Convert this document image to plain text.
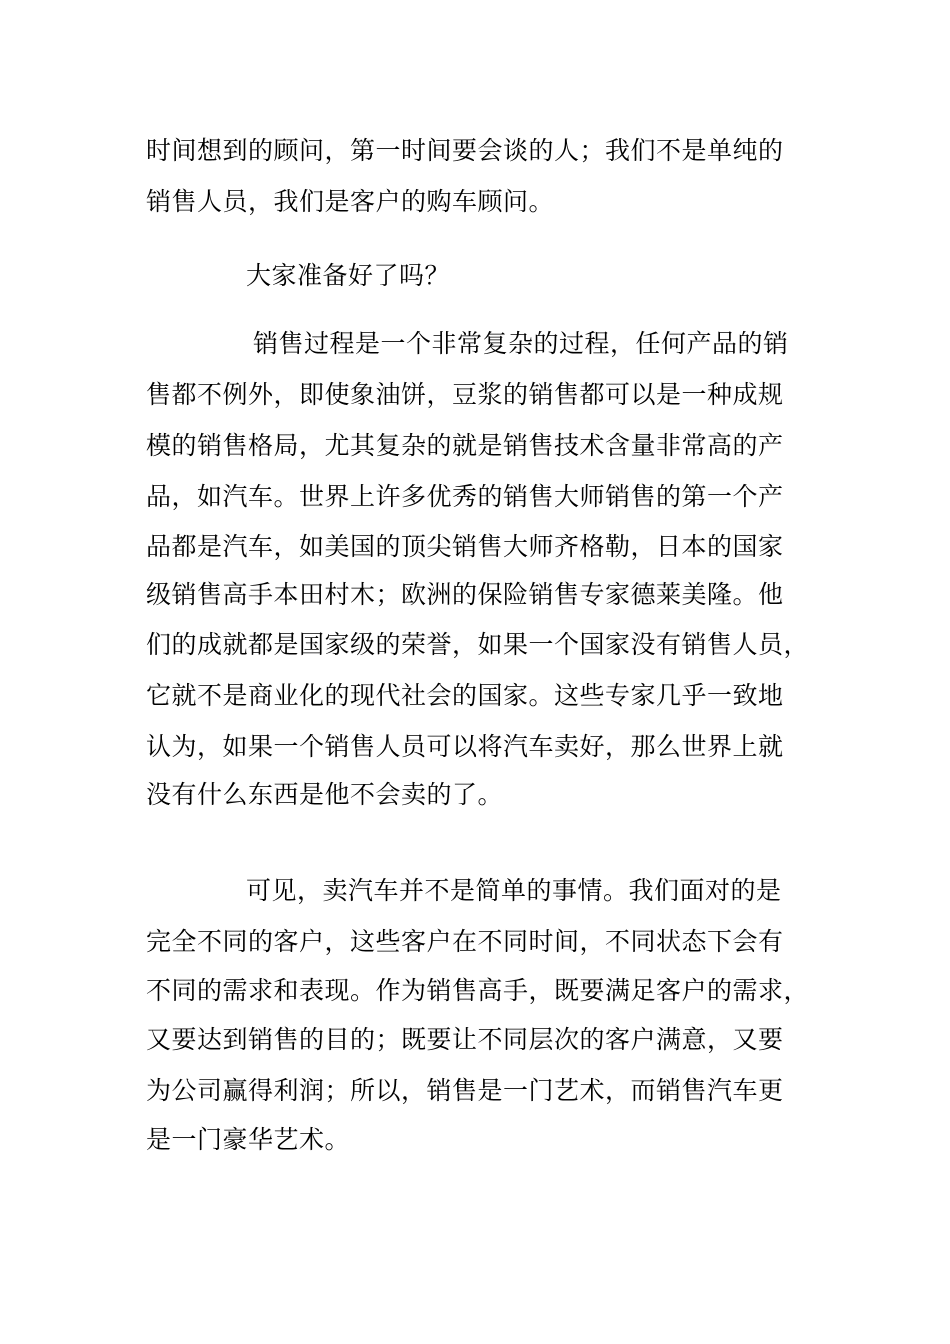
时间想到的顾问，第一时间要会谈的人；我们不是单纯的
销售人员，我们是客户的购车顾问。
大家准备好了吗？
销售过程是一个非常复杂的过程，任何产品的销
售都不例外，即使象油饼，豆浆的销售都可以是一种成规
模的销售格局，尤其复杂的就是销售技术含量非常高的产
品，如汽车。世界上许多优秀的销售大师销售的第一个产
品都是汽车，如美国的顶尖销售大师齐格勒，日本的国家
级销售高手本田村木；欧洲的保险销售专家德莱美隆。他
们的成就都是国家级的荣誉，如果一个国家没有销售人员，
它就不是商业化的现代社会的国家。这些专家几乎一致地
认为，如果一个销售人员可以将汽车卖好，那么世界上就
没有什么东西是他不会卖的了。
可见，卖汽车并不是简单的事情。我们面对的是
完全不同的客户，这些客户在不同时间，不同状态下会有
不同的需求和表现。作为销售高手，既要满足客户的需求，
又要达到销售的目的；既要让不同层次的客户满意，又要
为公司赢得利润；所以，销售是一门艺术，而销售汽车更
是一门豪华艺术。
